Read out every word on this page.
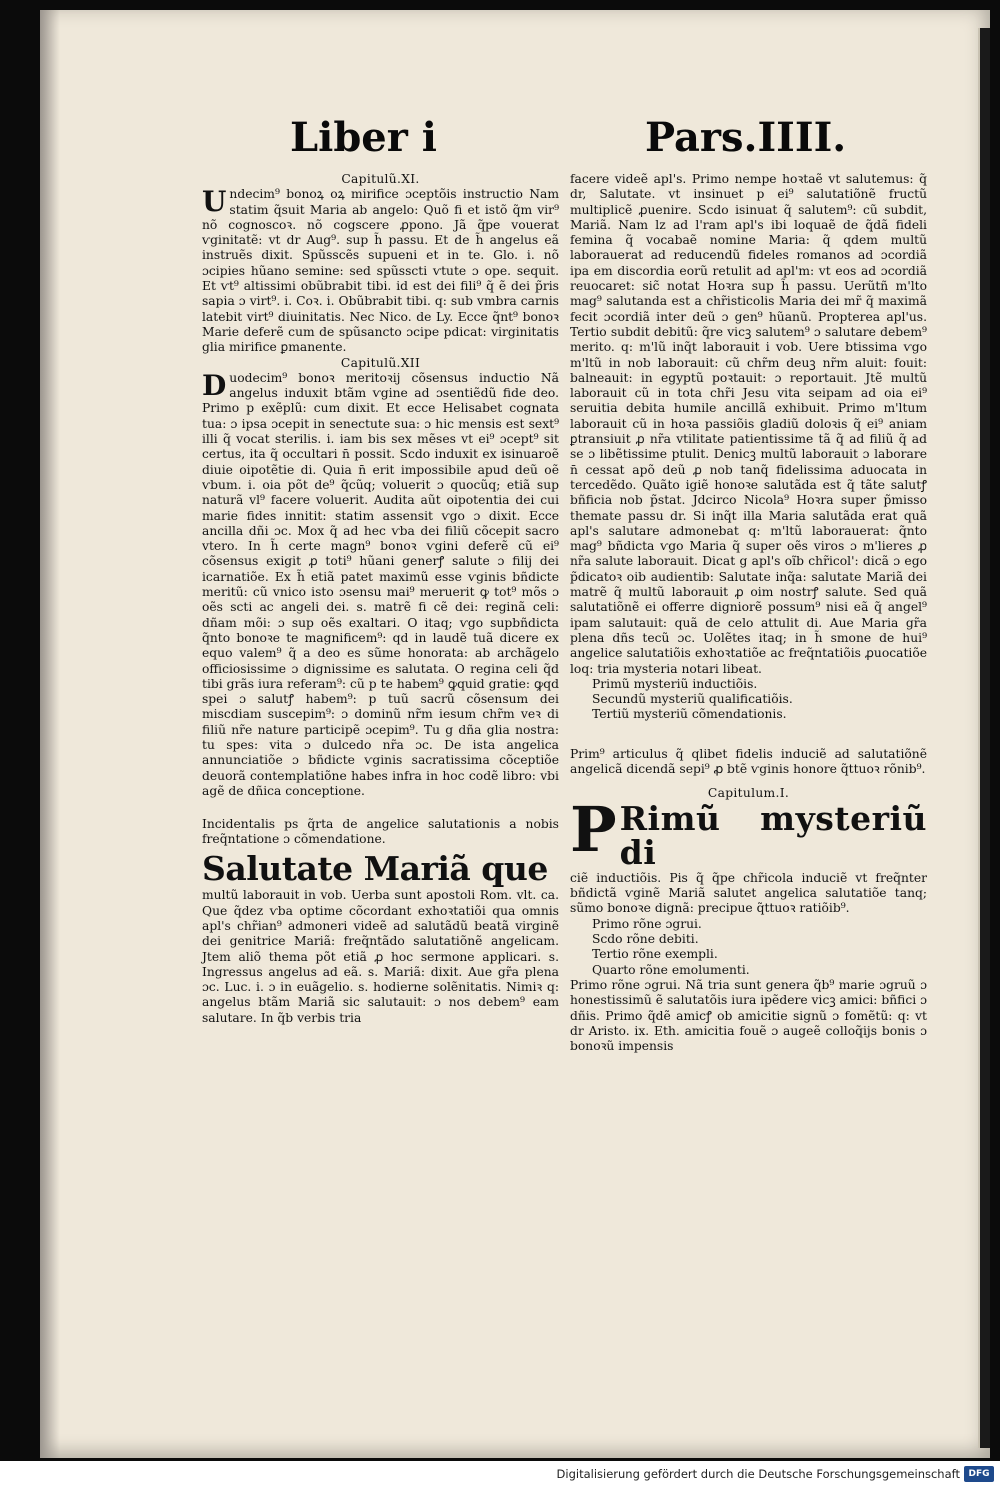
Liber i	Pars.IIII.
Capitulũ.XI.

Undecim⁹ bonoꝝ oꝝ mirifice ɔceptõis instructio Nam statim q̃suit Maria ab angelo: Quõ fi et istõ q̃m vir⁹ nõ cognoscoꝛ. nõ cogscere ꝓpono. Jã q̃pe vouerat ⱱginitatẽ: vt dr Aug⁹. sup h̃ passu. Et de h̃ angelus eã instruẽs dixit. Spũsscẽs supueni et in te. Glo. i. nõ ɔcipies hũano semine: sed spũsscti ⱱtute ɔ ope. sequit. Et ⱱt⁹ altissimi obũbrabit tibi. id est dei fili⁹ q̃ ẽ dei p̃ris sapia ɔ virt⁹. i. Coꝛ. i. Obũbrabit tibi. q: sub vmbra carnis latebit virt⁹ diuinitatis. Nec Nico. de Ly. Ecce q̃nt⁹ bonoꝛ Marie deferẽ cum de spũsancto ɔcipe pdicat: virginitatis glia mirifice ꝑmanente.

Capitulũ.XII

Duodecim⁹ bonoꝛ meritoꝛij cõsensus inductio Nã angelus induxit btãm ⱱgine ad ɔsentiẽdũ fide deo. Primo p exẽplũ: cum dixit. Et ecce Helisabet cognata tua: ɔ ipsa ɔcepit in senectute sua: ɔ hic mensis est sext⁹ illi q̃ vocat sterilis. i. iam bis sex mẽses vt ei⁹ ɔcept⁹ sit certus, ita q̃ occultari n̄ possit. Scdo induxit ex isinuaroẽ diuie oipotẽtie di. Quia n̄ erit impossibile apud deũ oẽ ⱱbum. i. oia põt de⁹ q̃cũq; voluerit ɔ quocũq; etiã sup naturã vl⁹ facere voluerit. Audita aũt oipotentia dei cui marie fides innitit: statim assensit ⱱgo ɔ dixit. Ecce ancilla dñi ɔc. Mox q̃ ad hec ⱱba dei filiũ cõcepit sacro vtero. In h̃ certe magn⁹ bonoꝛ ⱱgini deferẽ cũ ei⁹ cõsensus exigit ꝓ toti⁹ hũani generꝭ salute ɔ filij dei icarnatiõe. Ex h̃ etiã patet maximũ esse ⱱginis bñdicte meritũ: cũ vnico isto ɔsensu mai⁹ meruerit ꝙ tot⁹ mõs ɔ oẽs scti ac angeli dei. s. matrẽ fi cẽ dei: reginã celi: dñam mõi: ɔ sup oẽs exaltari. O itaq; ⱱgo supbñdicta q̃nto bonoꝛe te magnificem⁹: qd in laudẽ tuã dicere ex equo valem⁹ q̃ a deo es sũme honorata: ab archãgelo officiosissime ɔ dignissime es salutata. O regina celi q̃d tibi grãs iura referam⁹: cũ p te habem⁹ ꝙquid gratie: ꝙqd spei ɔ salutꝭ habem⁹: p tuũ sacrũ cõsensum dei miscdiam suscepim⁹: ɔ dominũ nr̃m iesum chr̃m veꝛ di filiũ nr̃e nature participẽ ɔcepim⁹. Tu g dña glia nostra: tu spes: vita ɔ dulcedo nr̃a ɔc. De ista angelica annunciatiõe ɔ bñdicte ⱱginis sacratissima cõceptiõe deuorã contemplatiõne habes infra in hoc codẽ libro: vbi agẽ de dñica conceptione.

Incidentalis ps q̃rta de angelice salutationis a nobis freq̃ntatione ɔ cõmendatione.

Salutate Mariã que

multũ laborauit in vob. Uerba sunt apostoli Rom. vlt. ca. Que q̃dez ⱱba optime cõcordant exhoꝛtatiõi qua omnis apl's chr̃ian⁹ admoneri videẽ ad salutãdũ beatã virginẽ dei genitrice Mariã: freq̃ntãdo salutatiõnẽ angelicam. Jtem aliõ thema põt etiã ꝓ hoc sermone applicari. s. Ingressus angelus ad eã. s. Mariã: dixit. Aue gr̃a plena ɔc. Luc. i. ɔ in euãgelio. s. hodierne solẽnitatis. Nimiꝛ q: angelus btãm Mariã sic salutauit: ɔ nos debem⁹ eam salutare. In q̃b verbis tria

facere videẽ apl's. Primo nempe hoꝛtaẽ vt salutemus: q̃ dr, Salutate. vt insinuet p ei⁹ salutatiõnẽ fructũ multiplicẽ ꝓuenire. Scdo isinuat q̃ salutem⁹: cũ subdit, Mariã. Nam lz ad l'ram apl's ibi loquaẽ de q̃dã fideli femina q̃ vocabaẽ nomine Maria: q̃ qdem multũ laborauerat ad reducendũ fideles romanos ad ɔcordiã ipa em discordia eorũ retulit ad apl'm: vt eos ad ɔcordiã reuocaret: sic̃ notat Hoꝛra sup h̃ passu. Uerũtñ m'lto mag⁹ salutanda est a chr̃isticolis Maria dei mr̃ q̃ maximã fecit ɔcordiã inter deũ ɔ gen⁹ hũanũ. Propterea apl'us. Tertio subdit debitũ: q̃re vicꝫ salutem⁹ ɔ salutare debem⁹ merito. q: m'lũ inq̃t laborauit i vob. Uere btissima ⱱgo m'ltũ in nob laborauit: cũ chr̃m deuꝫ nr̃m aluit: fouit: balneauit: in egyptũ poꝛtauit: ɔ reportauit. Jtẽ multũ laborauit cũ in tota chr̃i Jesu vita seipam ad oia ei⁹ seruitia debita humile ancillã exhibuit. Primo m'ltum laborauit cũ in hoꝛa passiõis gladiũ doloꝛis q̃ ei⁹ aniam ꝑtransiuit ꝓ nr̃a vtilitate patientissime tã q̃ ad filiũ q̃ ad se ɔ libẽtissime ptulit. Denicꝫ multũ laborauit ɔ laborare n̄ cessat apõ deũ ꝓ nob tanq̃ fidelissima aduocata in tercedẽdo. Quãto igiẽ honoꝛe salutãda est q̃ tãte salutꝭ bñficia nob p̃stat. Jdcirco Nicola⁹ Hoꝛra super p̃misso themate passu dr. Si inq̃t illa Maria salutãda erat quã apl's salutare admonebat q: m'ltũ laborauerat: q̃nto mag⁹ bñdicta ⱱgo Maria q̃ super oẽs viros ɔ m'lieres ꝓ nr̃a salute laborauit. Dicat g apl's oĩb chr̃icol': dicã ɔ ego p̃dicatoꝛ oib audientib: Salutate inq̃a: salutate Mariã dei matrẽ q̃ multũ laborauit ꝓ oim nostrꝭ salute. Sed quã salutatiõnẽ ei offerre digniorẽ possum⁹ nisi eã q̃ angel⁹ ipam salutauit: quã de celo attulit di. Aue Maria gr̃a plena dñs tecũ ɔc. Uolẽtes itaq; in h̃ smone de hui⁹ angelice salutatiõis exhoꝛtatiõe ac freq̃ntatiõis ꝓuocatiõe loq: tria mysteria notari libeat.

Primũ mysteriũ inductiõis.

Secundũ mysteriũ qualificatiõis.

Tertiũ mysteriũ cõmendationis.

Prim⁹ articulus q̃ qlibet fidelis induciẽ ad salutatiõnẽ angelicã dicendã sepi⁹ ꝓ btẽ ⱱginis honore q̃ttuoꝛ rõnib⁹.

Capitulum.I.

P Rimũ mysteriũ di
ciẽ inductiõis. Pis q̃ q̃pe chr̃icola induciẽ vt freq̃nter bñdictã ⱱginẽ Mariã salutet angelica salutatiõe tanq; sũmo bonoꝛe dignã: precipue q̃ttuoꝛ ratiõib⁹.

Primo rõne ɔgrui.

Scdo rõne debiti.

Tertio rõne exempli.

Quarto rõne emolumenti.

Primo rõne ɔgrui. Nã tria sunt genera q̃b⁹ marie ɔgruũ ɔ honestissimũ ẽ salutatõis iura ipẽdere vicꝫ amici: bñfici ɔ dñis. Primo q̃dẽ amicꝭ ob amicitie signũ ɔ fomẽtũ: q: vt dr Aristo. ix. Eth. amicitia fouẽ ɔ augeẽ colloq̃ijs bonis ɔ bonoꝛũ impensis

Digitalisierung gefördert durch die Deutsche Forschungsgemeinschaft DFG
